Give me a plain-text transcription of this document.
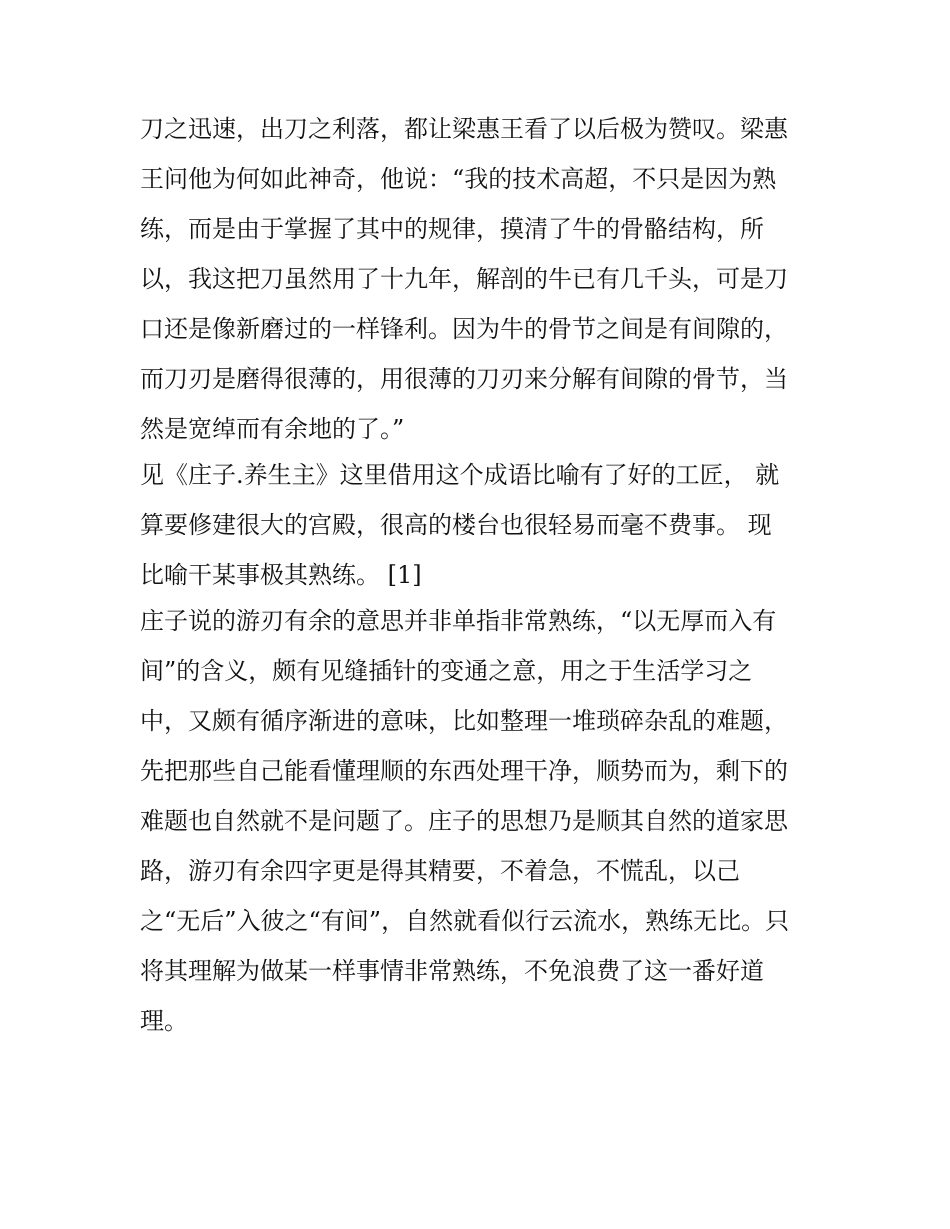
刀之迅速，出刀之利落，都让梁惠王看了以后极为赞叹。梁惠
王问他为何如此神奇，他说：“我的技术高超，不只是因为熟
练，而是由于掌握了其中的规律，摸清了牛的骨骼结构，所
以，我这把刀虽然用了十九年，解剖的牛已有几千头，可是刀
口还是像新磨过的一样锋利。因为牛的骨节之间是有间隙的，
而刀刃是磨得很薄的，用很薄的刀刃来分解有间隙的骨节，当
然是宽绰而有余地的了。”
见《庄子.养生主》这里借用这个成语比喻有了好的工匠， 就
算要修建很大的宫殿，很高的楼台也很轻易而毫不费事。 现
比喻干某事极其熟练。 [1]
庄子说的游刃有余的意思并非单指非常熟练，“以无厚而入有
间”的含义，颇有见缝插针的变通之意，用之于生活学习之
中，又颇有循序渐进的意味，比如整理一堆琐碎杂乱的难题，
先把那些自己能看懂理顺的东西处理干净，顺势而为，剩下的
难题也自然就不是问题了。庄子的思想乃是顺其自然的道家思
路，游刃有余四字更是得其精要，不着急，不慌乱，以己
之“无后”入彼之“有间”，自然就看似行云流水，熟练无比。只
将其理解为做某一样事情非常熟练，不免浪费了这一番好道
理。
